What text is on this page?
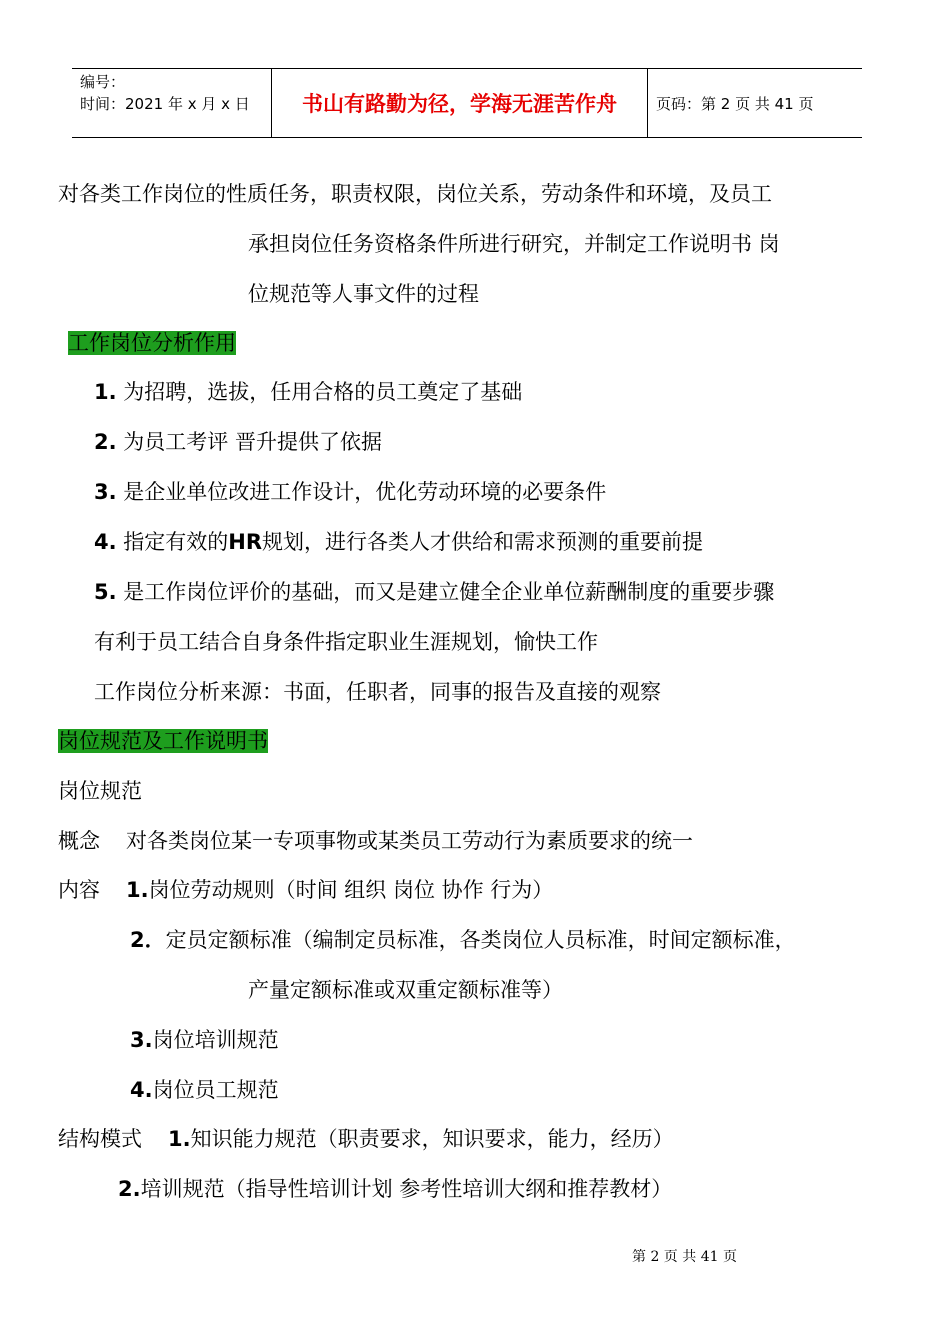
编号：
时间：2021 年 x 月 x 日	书山有路勤为径，学海无涯苦作舟	页码：第 2 页 共 41 页
对各类工作岗位的性质任务，职责权限，岗位关系，劳动条件和环境，及员工
承担岗位任务资格条件所进行研究，并制定工作说明书 岗
位规范等人事文件的过程
工作岗位分析作用
1. 为招聘，选拔，任用合格的员工奠定了基础
2. 为员工考评 晋升提供了依据
3. 是企业单位改进工作设计，优化劳动环境的必要条件
4. 指定有效的HR规划，进行各类人才供给和需求预测的重要前提
5. 是工作岗位评价的基础，而又是建立健全企业单位薪酬制度的重要步骤
有利于员工结合自身条件指定职业生涯规划，愉快工作
工作岗位分析来源：书面，任职者，同事的报告及直接的观察
岗位规范及工作说明书
岗位规范
概念 对各类岗位某一专项事物或某类员工劳动行为素质要求的统一
内容 1.岗位劳动规则（时间 组织 岗位 协作 行为）
2．定员定额标准（编制定员标准，各类岗位人员标准，时间定额标准，
产量定额标准或双重定额标准等）
3.岗位培训规范
4.岗位员工规范
结构模式 1.知识能力规范（职责要求，知识要求，能力，经历）
2.培训规范（指导性培训计划 参考性培训大纲和推荐教材）
第 2 页 共 41 页
